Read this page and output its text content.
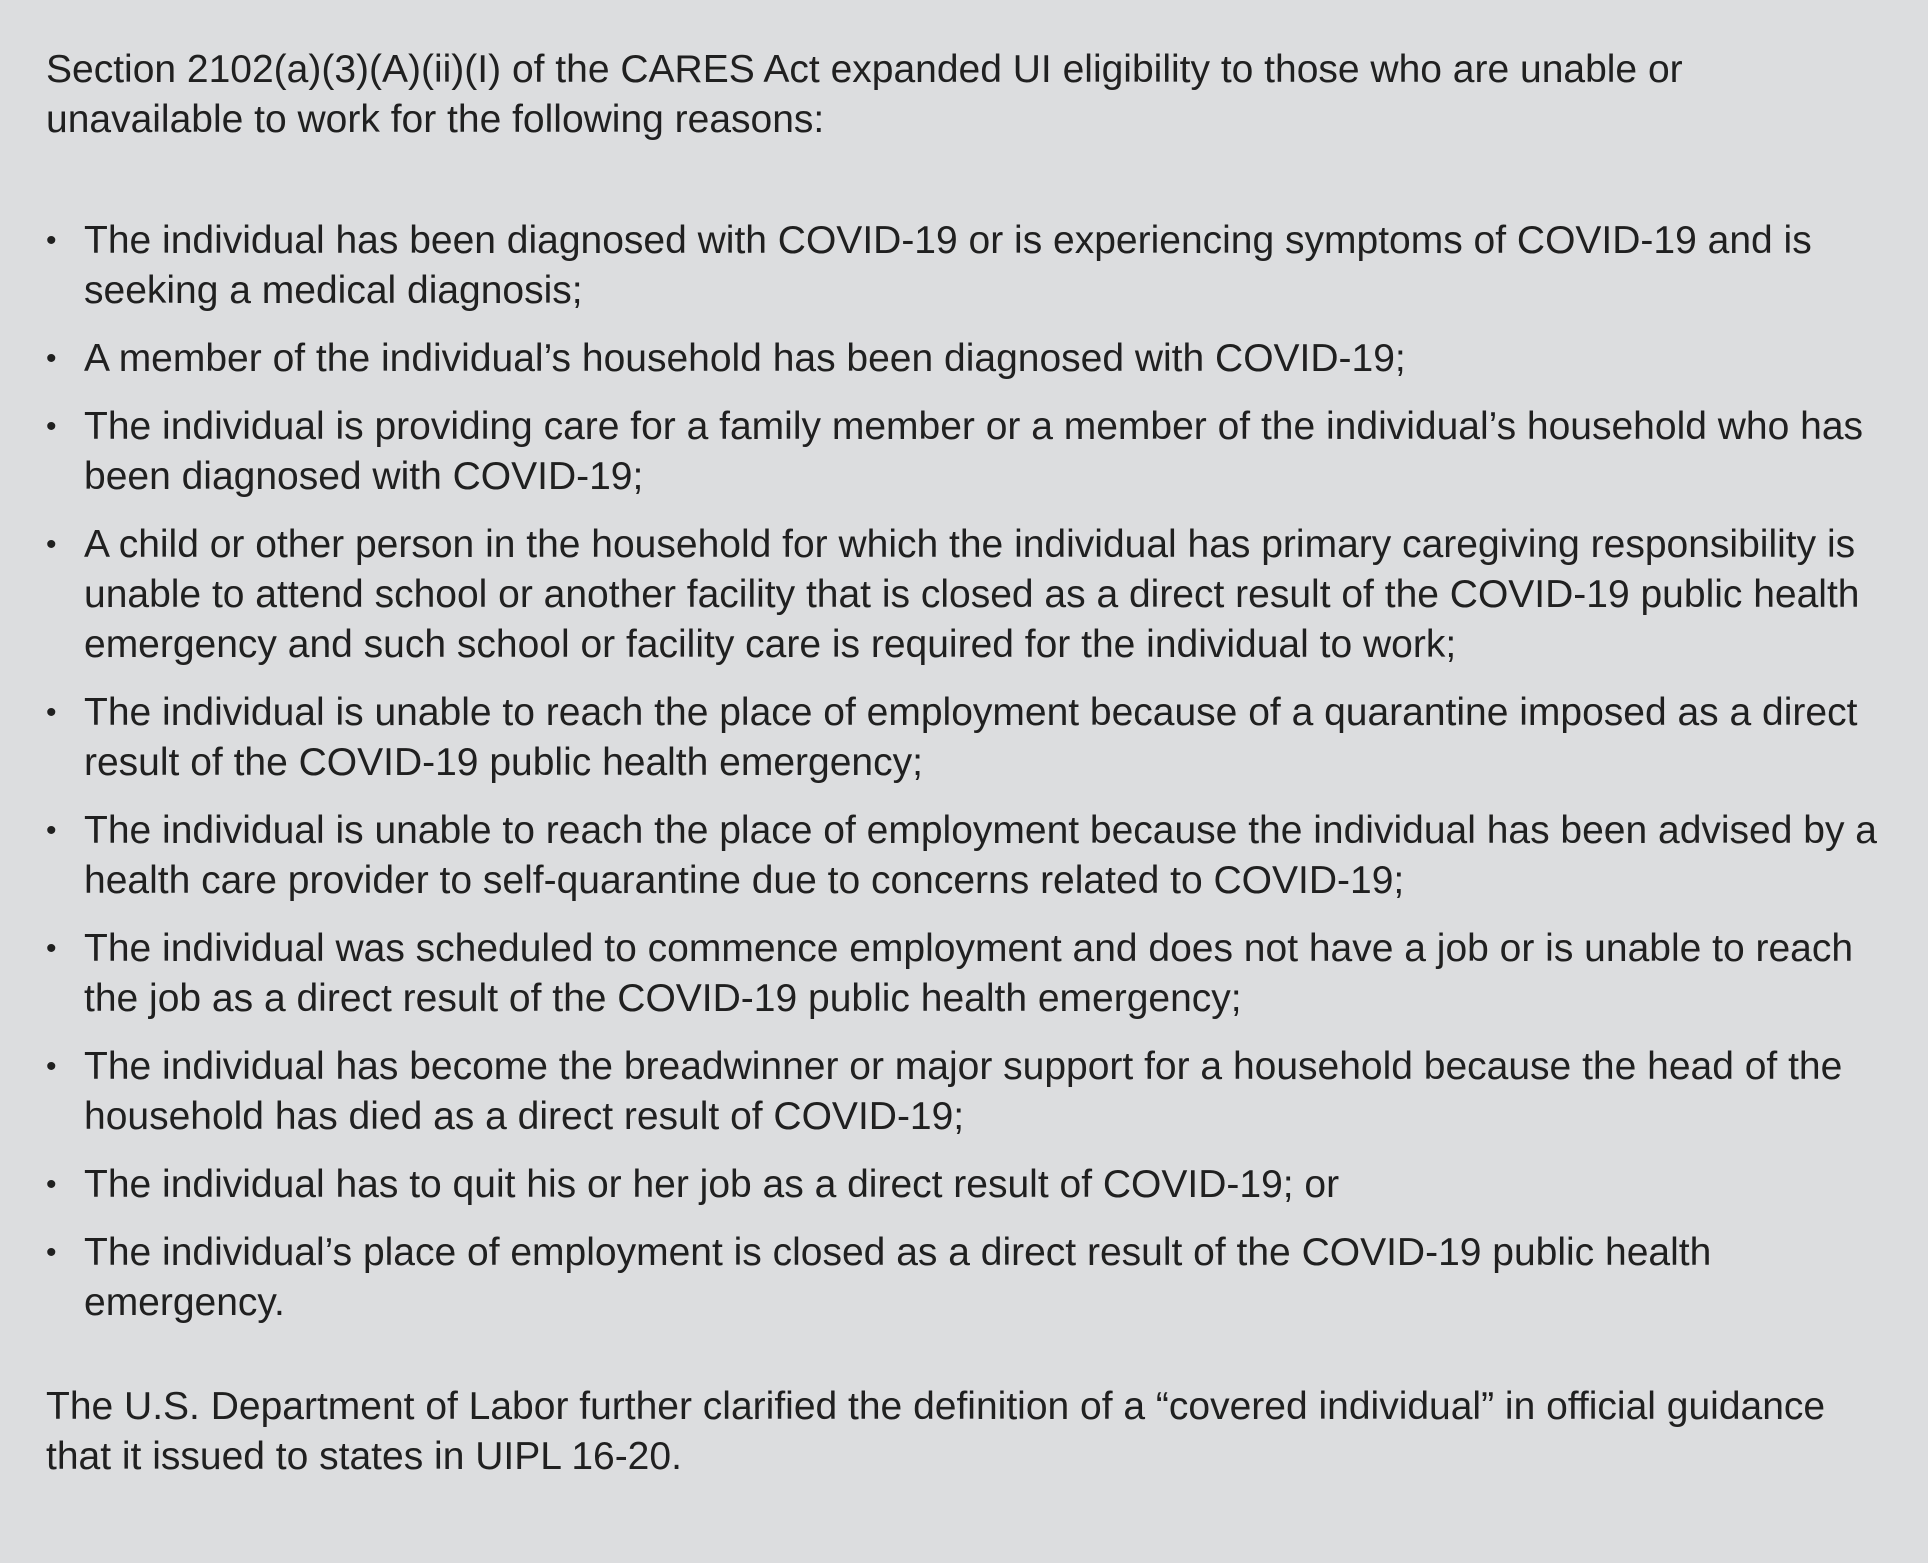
Section 2102(a)(3)(A)(ii)(I) of the CARES Act expanded UI eligibility to those who are unable or unavailable to work for the following reasons:

• The individual has been diagnosed with COVID-19 or is experiencing symptoms of COVID-19 and is seeking a medical diagnosis;
• A member of the individual’s household has been diagnosed with COVID-19;
• The individual is providing care for a family member or a member of the individual’s household who has been diagnosed with COVID-19;
• A child or other person in the household for which the individual has primary caregiving responsibility is unable to attend school or another facility that is closed as a direct result of the COVID-19 public health emergency and such school or facility care is required for the individual to work;
• The individual is unable to reach the place of employment because of a quarantine imposed as a direct result of the COVID-19 public health emergency;
• The individual is unable to reach the place of employment because the individual has been advised by a health care provider to self-quarantine due to concerns related to COVID-19;
• The individual was scheduled to commence employment and does not have a job or is unable to reach the job as a direct result of the COVID-19 public health emergency;
• The individual has become the breadwinner or major support for a household because the head of the household has died as a direct result of COVID-19;
• The individual has to quit his or her job as a direct result of COVID-19; or
• The individual’s place of employment is closed as a direct result of the COVID-19 public health emergency.

The U.S. Department of Labor further clarified the definition of a “covered individual” in official guidance that it issued to states in UIPL 16-20.
